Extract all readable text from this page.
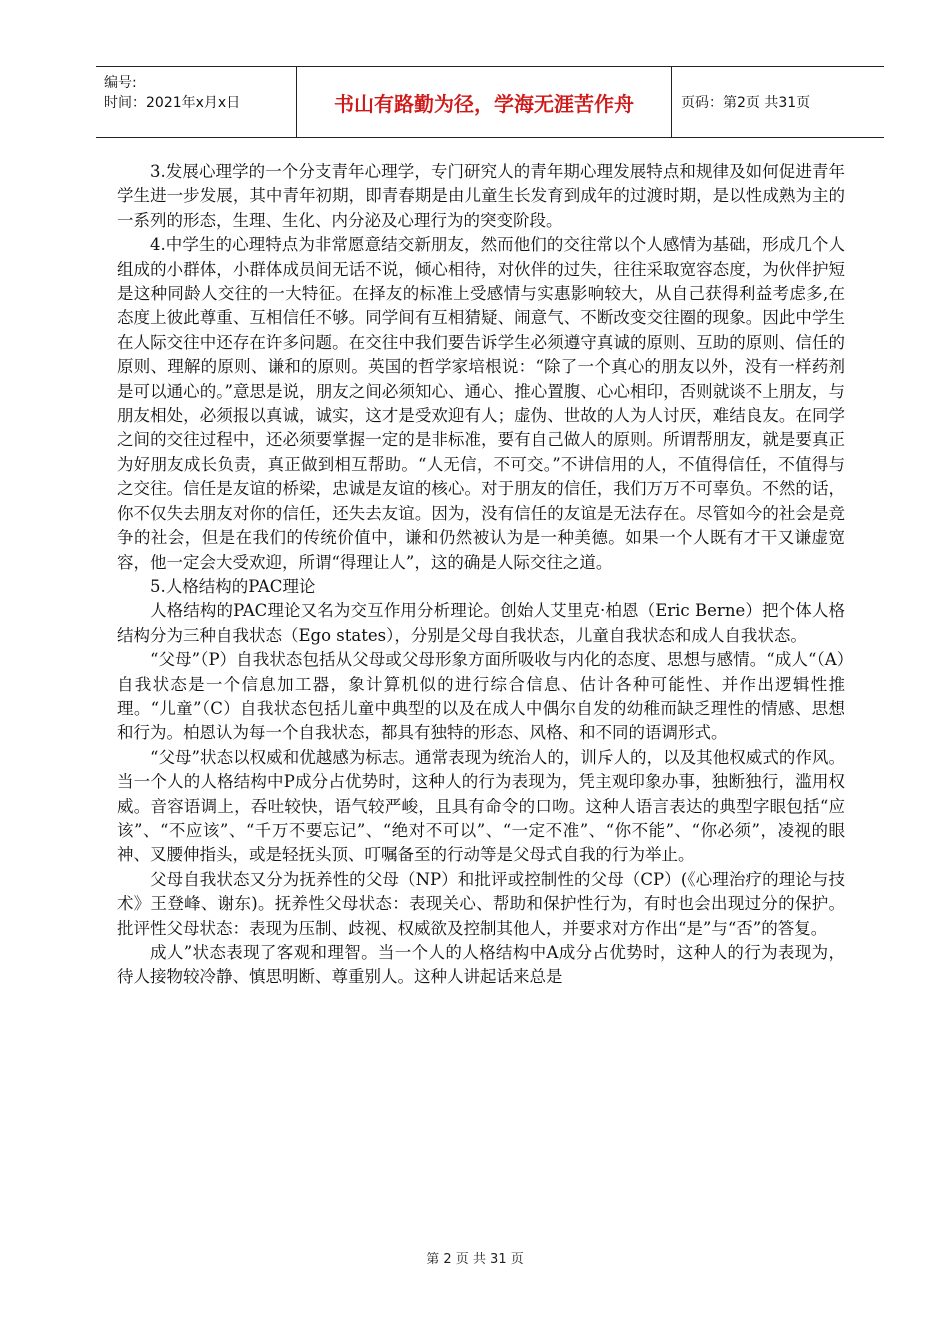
编号:
时间：2021年x月x日	书山有路勤为径，学海无涯苦作舟	页码：第2页 共31页

3.发展心理学的一个分支青年心理学，专门研究人的青年期心理发展特点和规律及如何促进青年学生进一步发展，其中青年初期，即青春期是由儿童生长发育到成年的过渡时期，是以性成熟为主的一系列的形态，生理、生化、内分泌及心理行为的突变阶段。

4.中学生的心理特点为非常愿意结交新朋友，然而他们的交往常以个人感情为基础，形成几个人组成的小群体，小群体成员间无话不说，倾心相待，对伙伴的过失，往往采取宽容态度，为伙伴护短是这种同龄人交往的一大特征。在择友的标准上受感情与实惠影响较大，从自己获得利益考虑多,在态度上彼此尊重、互相信任不够。同学间有互相猜疑、闹意气、不断改变交往圈的现象。因此中学生在人际交往中还存在许多问题。在交往中我们要告诉学生必须遵守真诚的原则、互助的原则、信任的原则、理解的原则、谦和的原则。英国的哲学家培根说：“除了一个真心的朋友以外，没有一样药剂是可以通心的。”意思是说，朋友之间必须知心、通心、推心置腹、心心相印，否则就谈不上朋友，与朋友相处，必须报以真诚，诚实，这才是受欢迎有人；虚伪、世故的人为人讨厌，难结良友。在同学之间的交往过程中，还必须要掌握一定的是非标准，要有自己做人的原则。所谓帮朋友，就是要真正为好朋友成长负责，真正做到相互帮助。“人无信，不可交。”不讲信用的人，不值得信任，不值得与之交往。信任是友谊的桥梁，忠诚是友谊的核心。对于朋友的信任，我们万万不可辜负。不然的话，你不仅失去朋友对你的信任，还失去友谊。因为，没有信任的友谊是无法存在。尽管如今的社会是竞争的社会，但是在我们的传统价值中，谦和仍然被认为是一种美德。如果一个人既有才干又谦虚宽容，他一定会大受欢迎，所谓“得理让人”，这的确是人际交往之道。

5.人格结构的PAC理论

人格结构的PAC理论又名为交互作用分析理论。创始人艾里克·柏恩（Eric Berne）把个体人格结构分为三种自我状态（Ego states），分别是父母自我状态，儿童自我状态和成人自我状态。

“父母”（P）自我状态包括从父母或父母形象方面所吸收与内化的态度、思想与感情。“成人“（A）自我状态是一个信息加工器，象计算机似的进行综合信息、估计各种可能性、并作出逻辑性推理。“儿童”（C）自我状态包括儿童中典型的以及在成人中偶尔自发的幼稚而缺乏理性的情感、思想和行为。柏恩认为每一个自我状态，都具有独特的形态、风格、和不同的语调形式。

“父母”状态以权威和优越感为标志。通常表现为统治人的，训斥人的，以及其他权威式的作风。当一个人的人格结构中P成分占优势时，这种人的行为表现为，凭主观印象办事，独断独行，滥用权威。音容语调上，吞吐较快，语气较严峻，且具有命令的口吻。这种人语言表达的典型字眼包括“应该”、“不应该”、“千万不要忘记”、“绝对不可以”、“一定不准”、“你不能”、“你必须”，凌视的眼神、叉腰伸指头，或是轻抚头顶、叮嘱备至的行动等是父母式自我的行为举止。

父母自我状态又分为抚养性的父母（NP）和批评或控制性的父母（CP）(《心理治疗的理论与技术》王登峰、谢东)。抚养性父母状态：表现关心、帮助和保护性行为，有时也会出现过分的保护。批评性父母状态：表现为压制、歧视、权威欲及控制其他人，并要求对方作出“是”与“否”的答复。

成人”状态表现了客观和理智。当一个人的人格结构中A成分占优势时，这种人的行为表现为，待人接物较冷静、慎思明断、尊重别人。这种人讲起话来总是

第 2 页 共 31 页
